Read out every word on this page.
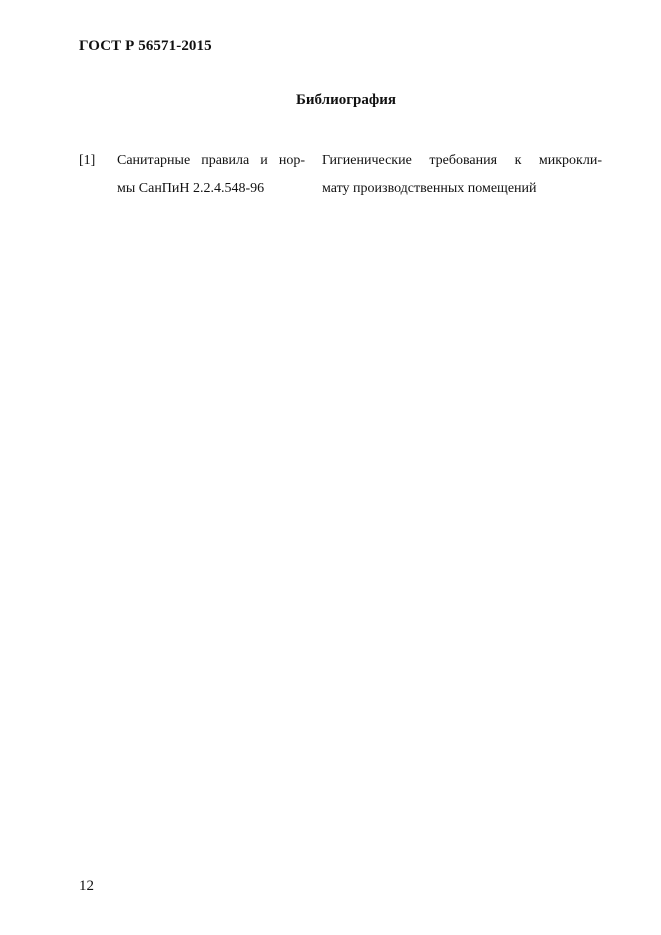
ГОСТ Р 56571-2015
Библиография
[1] Санитарные правила и нор-
мы СанПиН 2.2.4.548-96
Гигиенические требования к микрокли-
мату производственных помещений
12
